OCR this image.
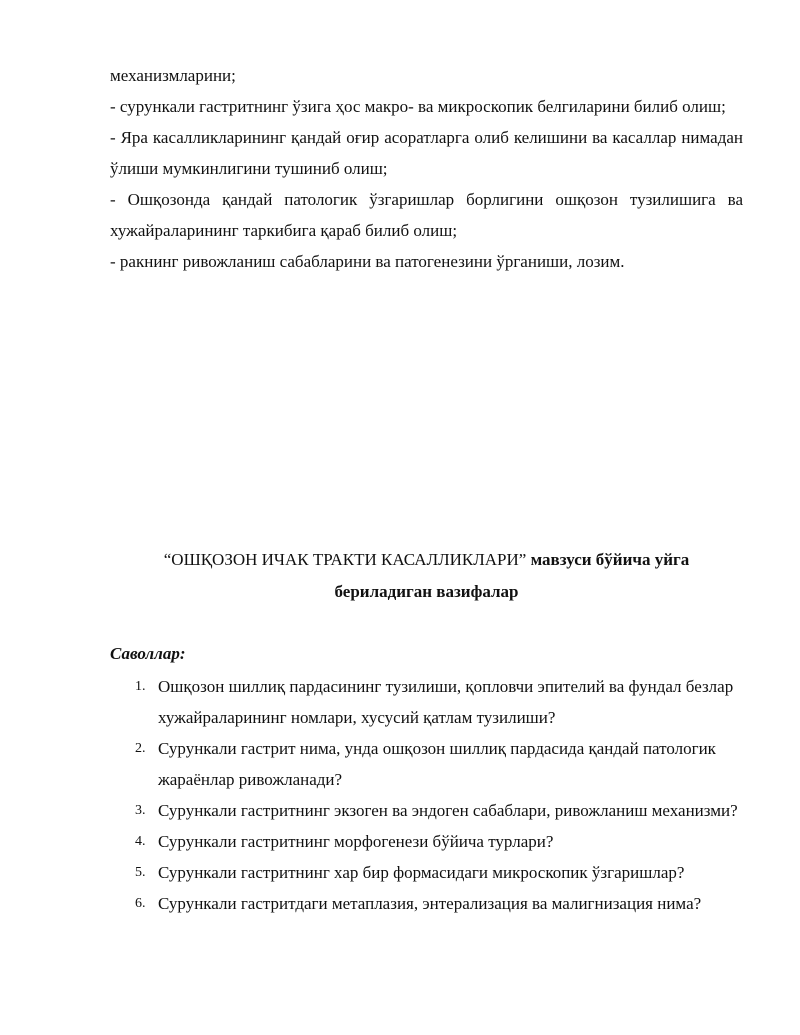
механизмларини;

- сурункали гастритнинг ўзига ҳос макро- ва микроскопик белгиларини билиб олиш;

- Яра касалликларининг қандай оғир асоратларга олиб келишини ва касаллар нимадан ўлиши мумкинлигини тушиниб олиш;

- Ошқозонда қандай патологик ўзгаришлар борлигини ошқозон тузилишига ва хужайраларининг таркибига қараб билиб олиш;

- ракнинг ривожланиш сабабларини ва патогенезини ўрганиши, лозим.

“ОШҚОЗОН ИЧАК ТРАКТИ КАСАЛЛИКЛАРИ” мавзуси бўйича уйга
бериладиган вазифалар
Саволлар:
1. Ошқозон шиллиқ пардасининг тузилиши, қопловчи эпителий ва фундал безлар хужайраларининг номлари, хусусий қатлам тузилиши?
2. Сурункали гастрит нима, унда ошқозон шиллиқ пардасида қандай патологик жараёнлар ривожланади?
3. Сурункали гастритнинг экзоген ва эндоген сабаблари, ривожланиш механизми?
4. Сурункали гастритнинг морфогенези бўйича турлари?
5. Сурункали гастритнинг хар бир формасидаги микроскопик ўзгаришлар?
6. Сурункали гастритдаги метаплазия, энтерализация ва малигнизация нима?
